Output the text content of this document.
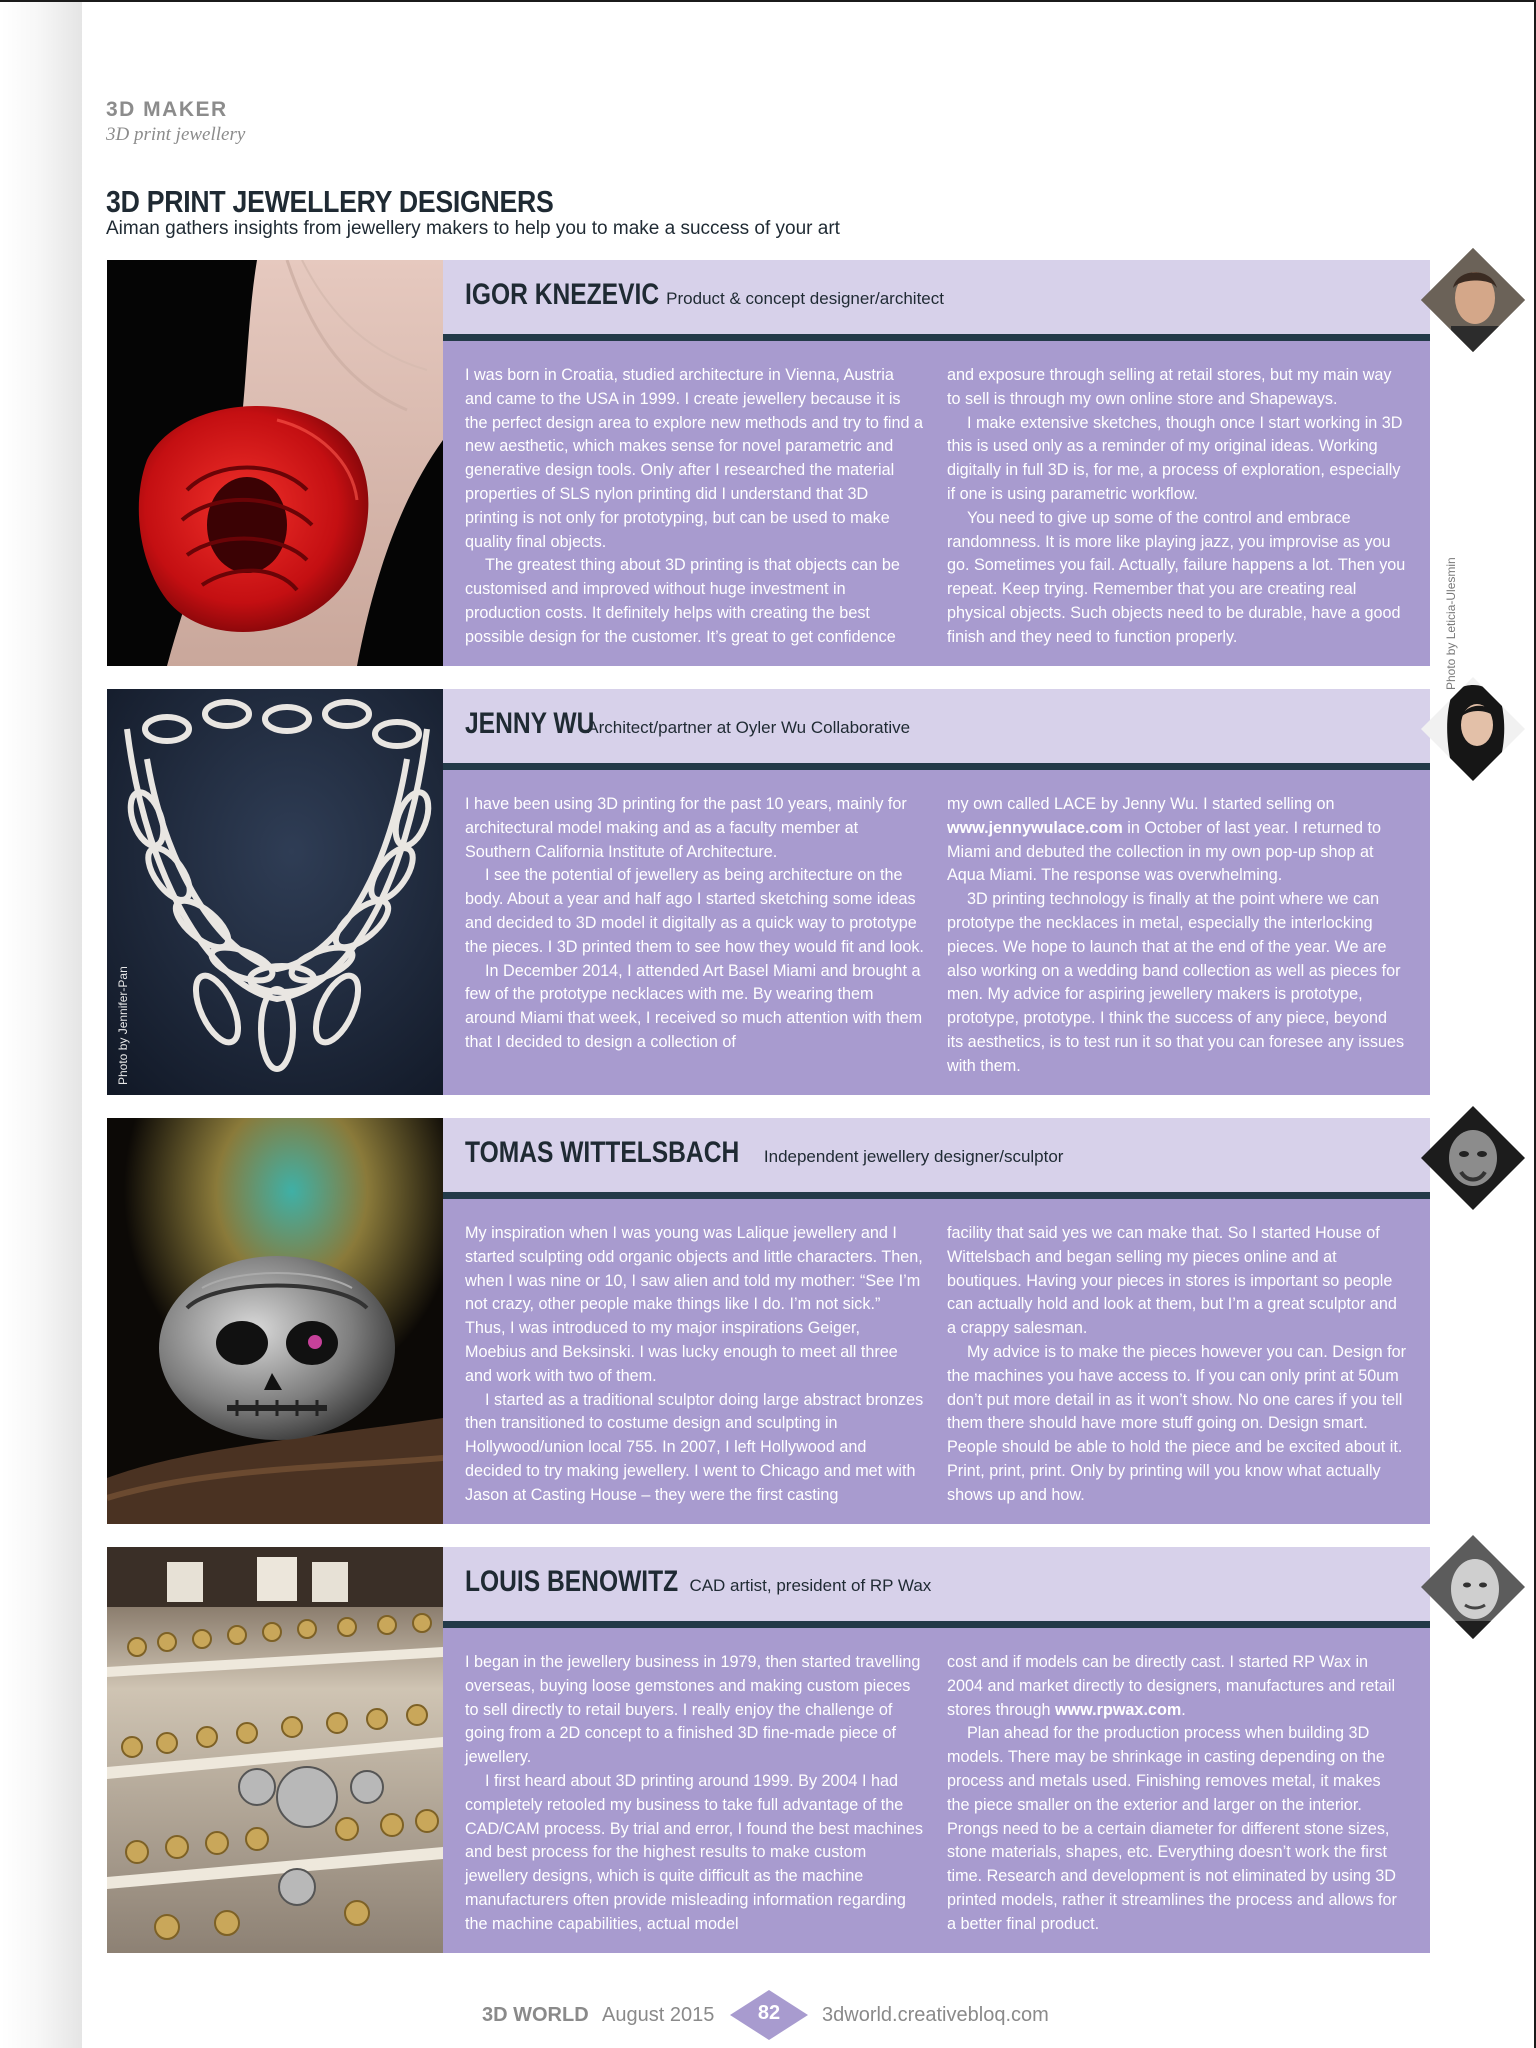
3D MAKER
3D print jewellery
3D PRINT JEWELLERY DESIGNERS
Aiman gathers insights from jewellery makers to help you to make a success of your art
IGOR KNEZEVIC Product & concept designer/architect

I was born in Croatia, studied architecture in Vienna, Austria and came to the USA in 1999. I create jewellery because it is the perfect design area to explore new methods and try to find a new aesthetic, which makes sense for novel parametric and generative design tools. Only after I researched the material properties of SLS nylon printing did I understand that 3D printing is not only for prototyping, but can be used to make quality final objects.

The greatest thing about 3D printing is that objects can be customised and improved without huge investment in production costs. It definitely helps with creating the best possible design for the customer. It’s great to get confidence

and exposure through selling at retail stores, but my main way to sell is through my own online store and Shapeways.

I make extensive sketches, though once I start working in 3D this is used only as a reminder of my original ideas. Working digitally in full 3D is, for me, a process of exploration, especially if one is using parametric workflow.

You need to give up some of the control and embrace randomness. It is more like playing jazz, you improvise as you go. Sometimes you fail. Actually, failure happens a lot. Then you repeat. Keep trying. Remember that you are creating real physical objects. Such objects need to be durable, have a good finish and they need to function properly.

Photo by Jennifer-Pan
JENNY WU Architect/partner at Oyler Wu Collaborative

I have been using 3D printing for the past 10 years, mainly for architectural model making and as a faculty member at Southern California Institute of Architecture.

I see the potential of jewellery as being architecture on the body. About a year and half ago I started sketching some ideas and decided to 3D model it digitally as a quick way to prototype the pieces. I 3D printed them to see how they would fit and look.

In December 2014, I attended Art Basel Miami and brought a few of the prototype necklaces with me. By wearing them around Miami that week, I received so much attention with them that I decided to design a collection of

my own called LACE by Jenny Wu. I started selling on www.jennywulace.com in October of last year. I returned to Miami and debuted the collection in my own pop-up shop at Aqua Miami. The response was overwhelming.

3D printing technology is finally at the point where we can prototype the necklaces in metal, especially the interlocking pieces. We hope to launch that at the end of the year. We are also working on a wedding band collection as well as pieces for men. My advice for aspiring jewellery makers is prototype, prototype, prototype. I think the success of any piece, beyond its aesthetics, is to test run it so that you can foresee any issues with them.

TOMAS WITTELSBACH Independent jewellery designer/sculptor

My inspiration when I was young was Lalique jewellery and I started sculpting odd organic objects and little characters. Then, when I was nine or 10, I saw alien and told my mother: “See I’m not crazy, other people make things like I do. I’m not sick.” Thus, I was introduced to my major inspirations Geiger, Moebius and Beksinski. I was lucky enough to meet all three and work with two of them.

I started as a traditional sculptor doing large abstract bronzes then transitioned to costume design and sculpting in Hollywood/union local 755. In 2007, I left Hollywood and decided to try making jewellery. I went to Chicago and met with Jason at Casting House – they were the first casting

facility that said yes we can make that. So I started House of Wittelsbach and began selling my pieces online and at boutiques. Having your pieces in stores is important so people can actually hold and look at them, but I’m a great sculptor and a crappy salesman.

My advice is to make the pieces however you can. Design for the machines you have access to. If you can only print at 50um don’t put more detail in as it won’t show. No one cares if you tell them there should have more stuff going on. Design smart. People should be able to hold the piece and be excited about it. Print, print, print. Only by printing will you know what actually shows up and how.

LOUIS BENOWITZ CAD artist, president of RP Wax

I began in the jewellery business in 1979, then started travelling overseas, buying loose gemstones and making custom pieces to sell directly to retail buyers. I really enjoy the challenge of going from a 2D concept to a finished 3D fine-made piece of jewellery.

I first heard about 3D printing around 1999. By 2004 I had completely retooled my business to take full advantage of the CAD/CAM process. By trial and error, I found the best machines and best process for the highest results to make custom jewellery designs, which is quite difficult as the machine manufacturers often provide misleading information regarding the machine capabilities, actual model

cost and if models can be directly cast. I started RP Wax in 2004 and market directly to designers, manufactures and retail stores through www.rpwax.com.

Plan ahead for the production process when building 3D models. There may be shrinkage in casting depending on the process and metals used. Finishing removes metal, it makes the piece smaller on the exterior and larger on the interior. Prongs need to be a certain diameter for different stone sizes, stone materials, shapes, etc. Everything doesn’t work the first time. Research and development is not eliminated by using 3D printed models, rather it streamlines the process and allows for a better final product.

Photo by Leticia-Ulesmin
3D WORLD August 2015	82	3dworld.creativebloq.com
